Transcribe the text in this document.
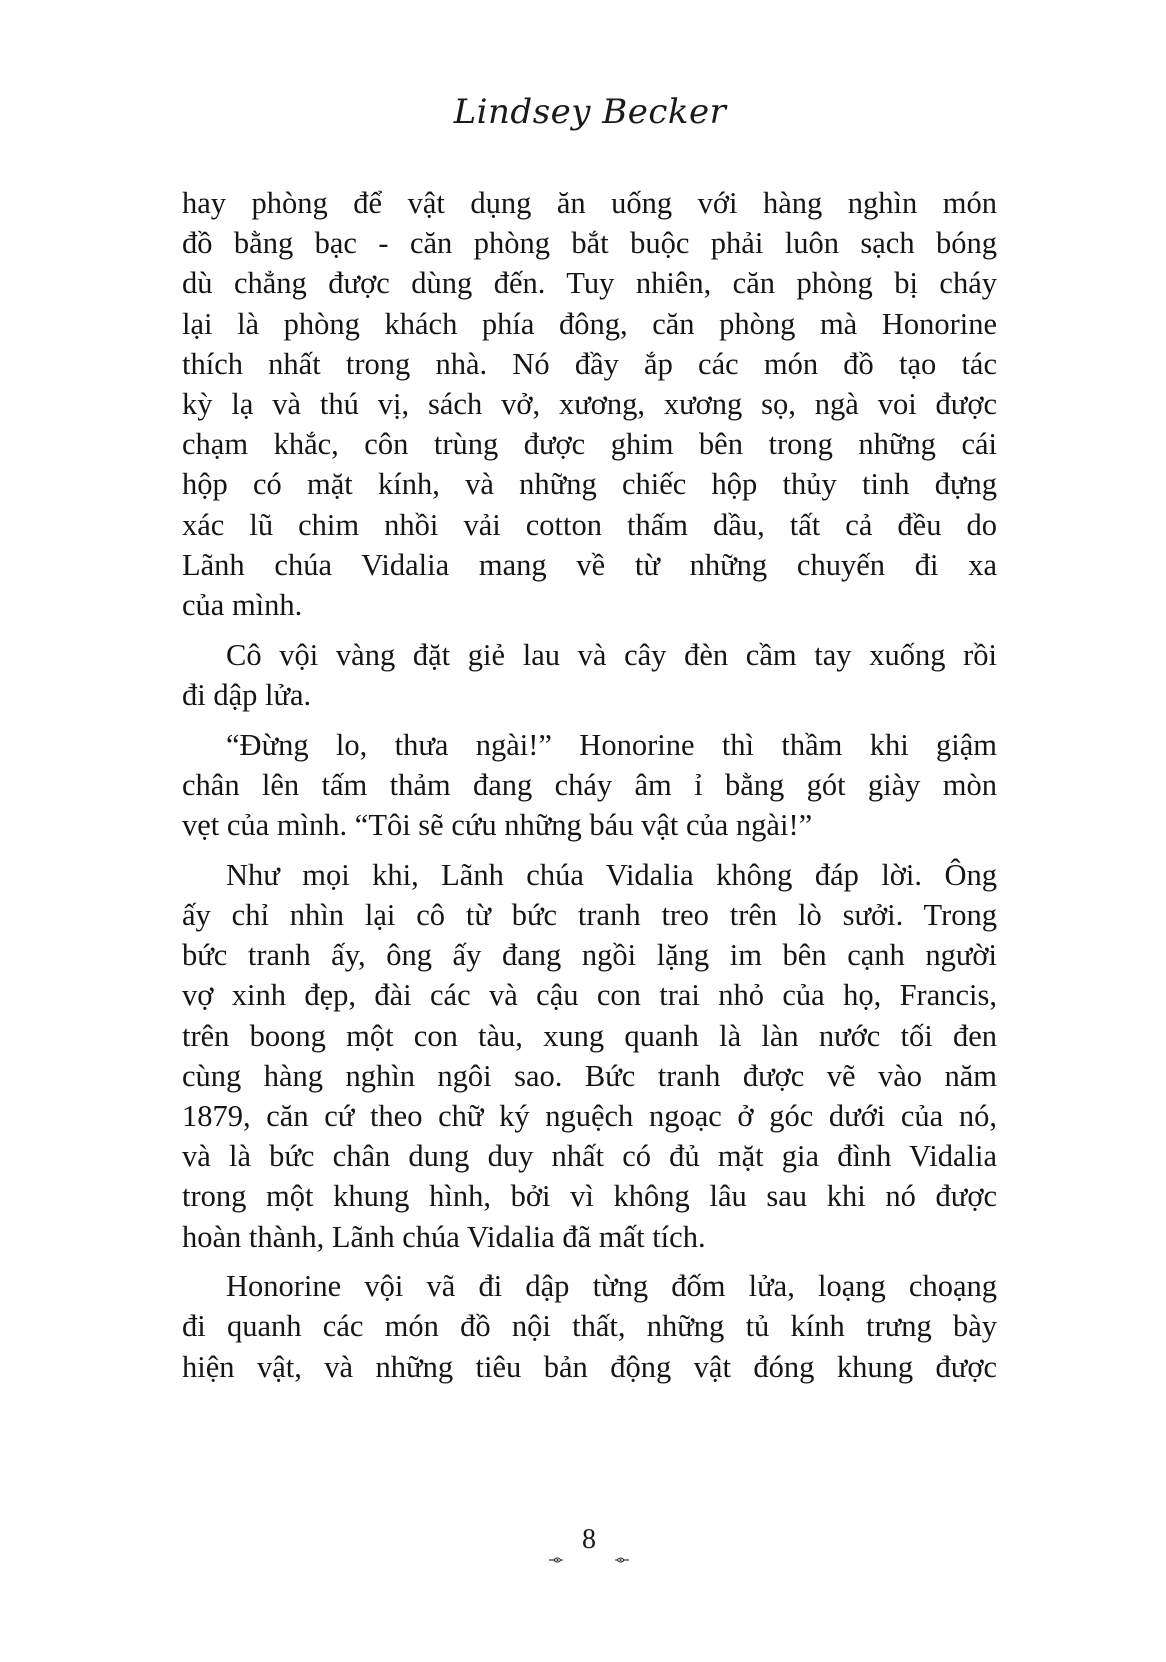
Lindsey Becker

hay phòng để vật dụng ăn uống với hàng nghìn món
đồ bằng bạc - căn phòng bắt buộc phải luôn sạch bóng
dù chẳng được dùng đến. Tuy nhiên, căn phòng bị cháy
lại là phòng khách phía đông, căn phòng mà Honorine
thích nhất trong nhà. Nó đầy ắp các món đồ tạo tác
kỳ lạ và thú vị, sách vở, xương, xương sọ, ngà voi được
chạm khắc, côn trùng được ghim bên trong những cái
hộp có mặt kính, và những chiếc hộp thủy tinh đựng
xác lũ chim nhồi vải cotton thấm dầu, tất cả đều do
Lãnh chúa Vidalia mang về từ những chuyến đi xa
của mình.

Cô vội vàng đặt giẻ lau và cây đèn cầm tay xuống rồi
đi dập lửa.

“Đừng lo, thưa ngài!” Honorine thì thầm khi giậm
chân lên tấm thảm đang cháy âm ỉ bằng gót giày mòn
vẹt của mình. “Tôi sẽ cứu những báu vật của ngài!”

Như mọi khi, Lãnh chúa Vidalia không đáp lời. Ông
ấy chỉ nhìn lại cô từ bức tranh treo trên lò sưởi. Trong
bức tranh ấy, ông ấy đang ngồi lặng im bên cạnh người
vợ xinh đẹp, đài các và cậu con trai nhỏ của họ, Francis,
trên boong một con tàu, xung quanh là làn nước tối đen
cùng hàng nghìn ngôi sao. Bức tranh được vẽ vào năm
1879, căn cứ theo chữ ký nguệch ngoạc ở góc dưới của nó,
và là bức chân dung duy nhất có đủ mặt gia đình Vidalia
trong một khung hình, bởi vì không lâu sau khi nó được
hoàn thành, Lãnh chúa Vidalia đã mất tích.

Honorine vội vã đi dập từng đốm lửa, loạng choạng
đi quanh các món đồ nội thất, những tủ kính trưng bày
hiện vật, và những tiêu bản động vật đóng khung được

8
